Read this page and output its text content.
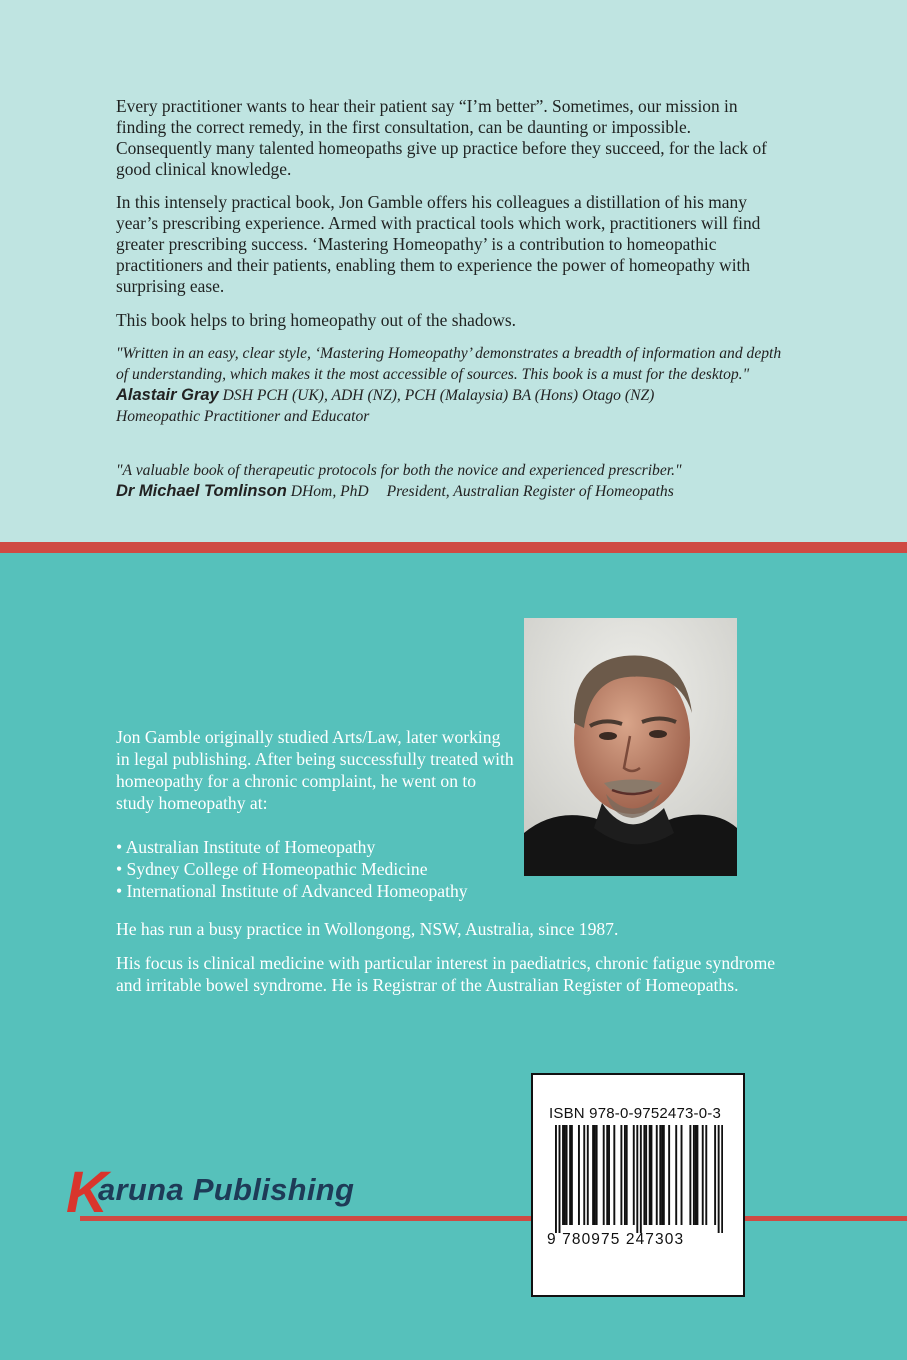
Every practitioner wants to hear their patient say “I’m better”. Sometimes, our mission in finding the correct remedy, in the first consultation, can be daunting or impossible. Consequently many talented homeopaths give up practice before they succeed, for the lack of good clinical knowledge.

In this intensely practical book, Jon Gamble offers his colleagues a distillation of his many year’s prescribing experience. Armed with practical tools which work, practitioners will find greater prescribing success. ‘Mastering Homeopathy’ is a contribution to homeopathic practitioners and their patients, enabling them to experience the power of homeopathy with surprising ease.

This book helps to bring homeopathy out of the shadows.

"Written in an easy, clear style, ‘Mastering Homeopathy’ demonstrates a breadth of information and depth of understanding, which makes it the most accessible of sources. This book is a must for the desktop."
Alastair Gray DSH PCH (UK), ADH (NZ), PCH (Malaysia) BA (Hons) Otago (NZ)
Homeopathic Practitioner and Educator
"A valuable book of therapeutic protocols for both the novice and experienced prescriber."
Dr Michael Tomlinson DHom, PhD President, Australian Register of Homeopaths

Jon Gamble originally studied Arts/Law, later working in legal publishing. After being successfully treated with homeopathy for a chronic complaint, he went on to study homeopathy at:

• Australian Institute of Homeopathy
• Sydney College of Homeopathic Medicine
• International Institute of Advanced Homeopathy

He has run a busy practice in Wollongong, NSW, Australia, since 1987.

His focus is clinical medicine with particular interest in paediatrics, chronic fatigue syndrome and irritable bowel syndrome. He is Registrar of the Australian Register of Homeopaths.

K
aruna Publishing
ISBN 978-0-9752473-0-3
9 780975 247303
